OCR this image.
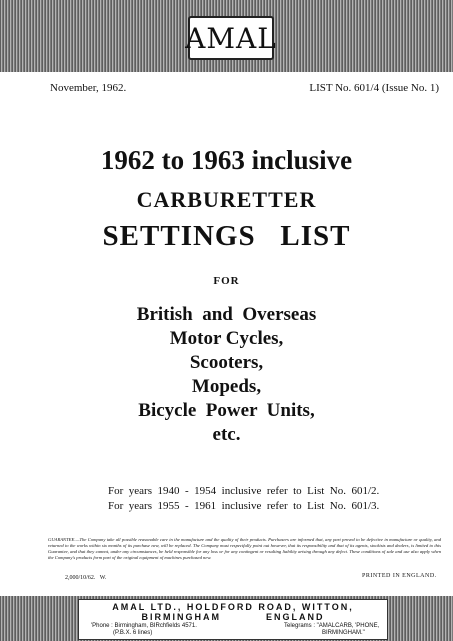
AMAL
November, 1962.	LIST No. 601/4 (Issue No. 1)
1962 to 1963 inclusive
CARBURETTER
SETTINGS   LIST
FOR
British  and  Overseas
Motor Cycles,
Scooters,
Mopeds,
Bicycle  Power  Units,
etc.
For  years  1940  -  1954  inclusive  refer  to  List  No.  601/2.
For  years  1955  -  1961  inclusive  refer  to  List  No.  601/3.
GUARANTEE.—The Company take all possible reasonable care in the manufacture and the quality of their products. Purchasers are informed that, any part proved to be defective in manufacture or quality, and returned to the works within six months of its purchase new, will be replaced. The Company must respectfully point out however, that its responsibility and that of its agents, stockists and dealers, is limited to this Guarantee, and that they cannot, under any circumstances, be held responsible for any loss or for any contingent or resulting liability arising through any defect. These conditions of sale and use also apply when the Company's products form part of the original equipment of machines purchased new.
2,000/10/62.   W.	PRINTED IN ENGLAND.
AMAL LTD., HOLDFORD ROAD, WITTON,
BIRMINGHAM          ENGLAND
'Phone : Birmingham, BIRchfields 4571.
(P.B.X. 6 lines)
Telegrams : "AMALCARB, 'PHONE,
BIRMINGHAM."
